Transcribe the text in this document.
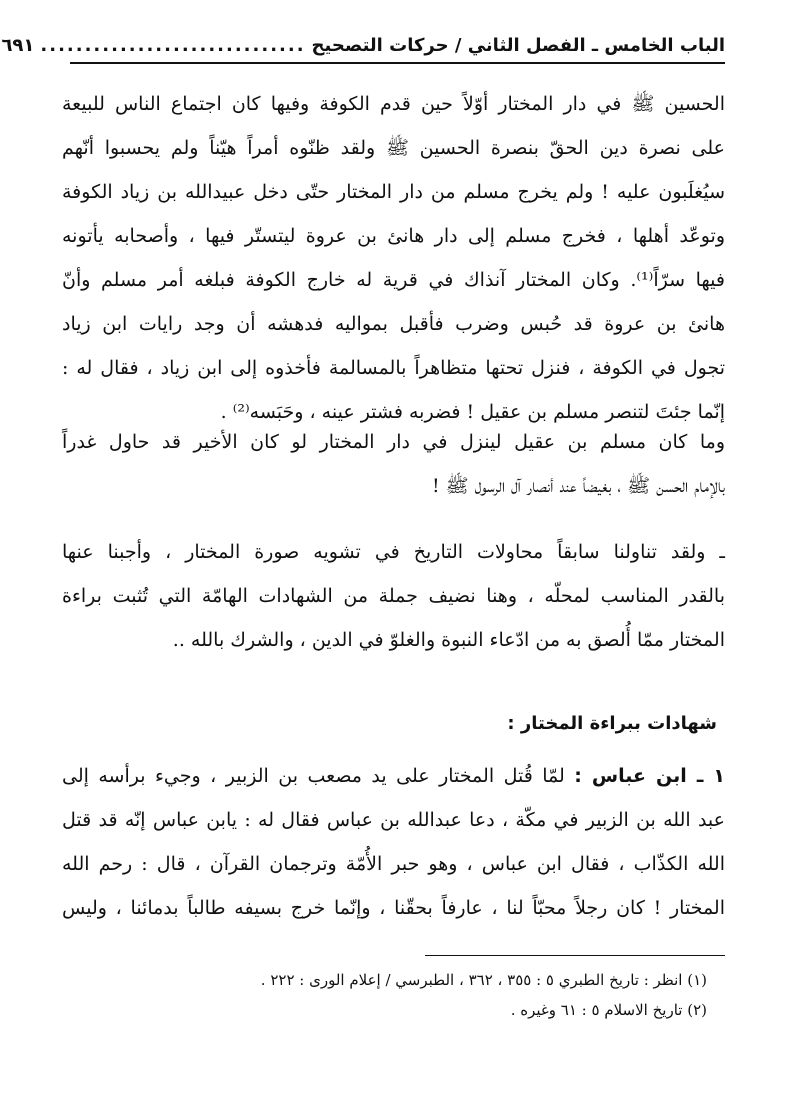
الباب الخامس ـ الفصل الثاني / حركات التصحيح
..............................
٦٩١
الحسين ﷺ في دار المختار أوّلاً حين قدم الكوفة وفيها كان اجتماع الناس للبيعة
على نصرة دين الحقّ بنصرة الحسين ﷺ ولقد ظنّوه أمراً هيّناً ولم يحسبوا أنّهم
سيُغلَبون عليه ! ولم يخرج مسلم من دار المختار حتّى دخل عبيدالله بن زياد الكوفة
وتوعّد أهلها ، فخرج مسلم إلى دار هانئ بن عروة ليتستّر فيها ، وأصحابه يأتونه
فيها سرّاً⁽¹⁾. وكان المختار آنذاك في قرية له خارج الكوفة فبلغه أمر مسلم وأنّ
هانئ بن عروة قد حُبس وضرب فأقبل بمواليه فدهشه أن وجد رايات ابن زياد
تجول في الكوفة ، فنزل تحتها متظاهراً بالمسالمة فأخذوه إلى ابن زياد ، فقال له :
إنّما جئتَ لتنصر مسلم بن عقيل ! فضربه فشتر عينه ، وحَبَسه⁽²⁾ .
وما كان مسلم بن عقيل لينزل في دار المختار لو كان الأخير قد حاول غدراً
بالإمام الحسن ﷺ ، بغيضاً عند أنصار آل الرسول ﷺ !
ـ ولقد تناولنا سابقاً محاولات التاريخ في تشويه صورة المختار ، وأجبنا عنها
بالقدر المناسب لمحلّه ، وهنا نضيف جملة من الشهادات الهامّة التي تُثبت براءة
المختار ممّا أُلصق به من ادّعاء النبوة والغلوّ في الدين ، والشرك بالله ..
شهادات ببراءة المختار :
١ ـ ابن عباس : لمّا قُتل المختار على يد مصعب بن الزبير ، وجيء برأسه إلى
عبد الله بن الزبير في مكّة ، دعا عبدالله بن عباس فقال له : يابن عباس إنّه قد قتل
الله الكذّاب ، فقال ابن عباس ، وهو حبر الأُمّة وترجمان القرآن ، قال : رحم الله
المختار ! كان رجلاً محبّاً لنا ، عارفاً بحقّنا ، وإنّما خرج بسيفه طالباً بدمائنا ، وليس
(١) انظر : تاريخ الطبري ٥ : ٣٥٥ ، ٣٦٢ ، الطبرسي / إعلام الورى : ٢٢٢ .
(٢) تاريخ الاسلام ٥ : ٦١ وغيره .
